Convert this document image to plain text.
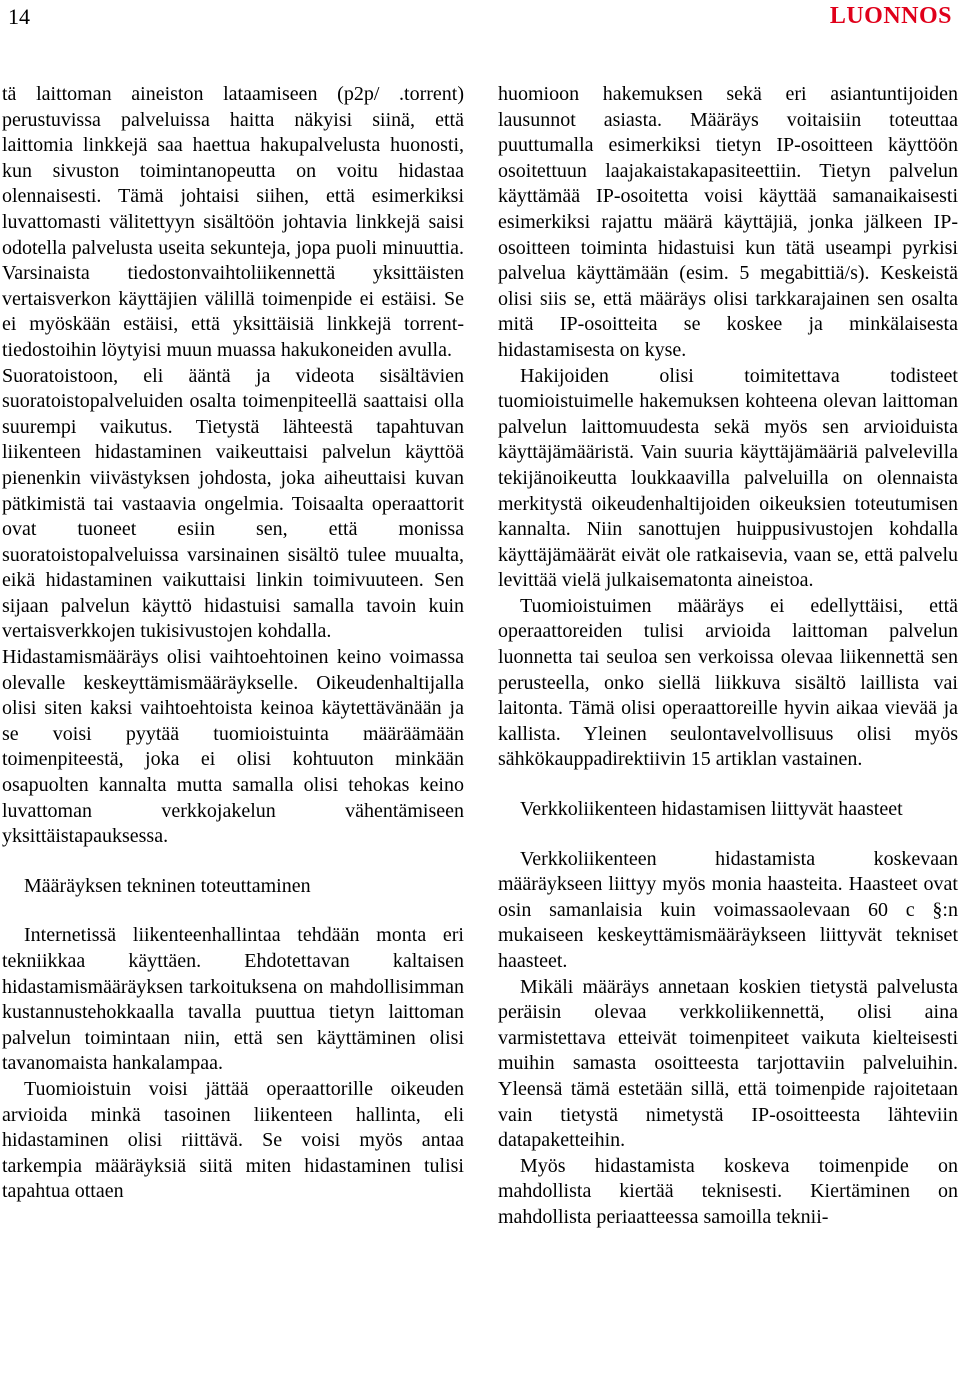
14	LUONNOS

tä laittoman aineiston lataamiseen (p2p/ .torrent) perustuvissa palveluissa haitta näkyisi siinä, että laittomia linkkejä saa haettua hakupalvelusta huonosti, kun sivuston toimintanopeutta on voitu hidastaa olennaisesti. Tämä johtaisi siihen, että esimerkiksi luvattomasti välitettyyn sisältöön johtavia linkkejä saisi odotella palvelusta useita sekunteja, jopa puoli minuuttia. Varsinaista tiedostonvaihtoliikennettä yksittäisten vertaisverkon käyttäjien välillä toimenpide ei estäisi. Se ei myöskään estäisi, että yksittäisiä linkkejä torrent-tiedostoihin löytyisi muun muassa hakukoneiden avulla.

Suoratoistoon, eli ääntä ja videota sisältävien suoratoistopalveluiden osalta toimenpiteellä saattaisi olla suurempi vaikutus. Tietystä lähteestä tapahtuvan liikenteen hidastaminen vaikeuttaisi palvelun käyttöä pienenkin viivästyksen johdosta, joka aiheuttaisi kuvan pätkimistä tai vastaavia ongelmia. Toisaalta operaattorit ovat tuoneet esiin sen, että monissa suoratoistopalveluissa varsinainen sisältö tulee muualta, eikä hidastaminen vaikuttaisi linkin toimivuuteen. Sen sijaan palvelun käyttö hidastuisi samalla tavoin kuin vertaisverkkojen tukisivustojen kohdalla.

Hidastamismääräys olisi vaihtoehtoinen keino voimassa olevalle keskeyttämismääräykselle. Oikeudenhaltijalla olisi siten kaksi vaihtoehtoista keinoa käytettävänään ja se voisi pyytää tuomioistuinta määräämään toimenpiteestä, joka ei olisi kohtuuton minkään osapuolten kannalta mutta samalla olisi tehokas keino luvattoman verkkojakelun vähentämiseen yksittäistapauksessa.

Määräyksen tekninen toteuttaminen

Internetissä liikenteenhallintaa tehdään monta eri tekniikkaa käyttäen. Ehdotettavan kaltaisen hidastamismääräyksen tarkoituksena on mahdollisimman kustannustehokkaalla tavalla puuttua tietyn laittoman palvelun toimintaan niin, että sen käyttäminen olisi tavanomaista hankalampaa.

Tuomioistuin voisi jättää operaattorille oikeuden arvioida minkä tasoinen liikenteen hallinta, eli hidastaminen olisi riittävä. Se voisi myös antaa tarkempia määräyksiä siitä miten hidastaminen tulisi tapahtua ottaen

huomioon hakemuksen sekä eri asiantuntijoiden lausunnot asiasta. Määräys voitaisiin toteuttaa puuttumalla esimerkiksi tietyn IP-osoitteen käyttöön osoitettuun laajakaistakapasiteettiin. Tietyn palvelun käyttämää IP-osoitetta voisi käyttää samanaikaisesti esimerkiksi rajattu määrä käyttäjiä, jonka jälkeen IP-osoitteen toiminta hidastuisi kun tätä useampi pyrkisi palvelua käyttämään (esim. 5 megabittiä/s). Keskeistä olisi siis se, että määräys olisi tarkkarajainen sen osalta mitä IP-osoitteita se koskee ja minkälaisesta hidastamisesta on kyse.

Hakijoiden olisi toimitettava todisteet tuomioistuimelle hakemuksen kohteena olevan laittoman palvelun laittomuudesta sekä myös sen arvioiduista käyttäjämääristä. Vain suuria käyttäjämääriä palvelevilla tekijänoikeutta loukkaavilla palveluilla on olennaista merkitystä oikeudenhaltijoiden oikeuksien toteutumisen kannalta. Niin sanottujen huippusivustojen kohdalla käyttäjämäärät eivät ole ratkaisevia, vaan se, että palvelu levittää vielä julkaisematonta aineistoa.

Tuomioistuimen määräys ei edellyttäisi, että operaattoreiden tulisi arvioida laittoman palvelun luonnetta tai seuloa sen verkoissa olevaa liikennettä sen perusteella, onko siellä liikkuva sisältö laillista vai laitonta. Tämä olisi operaattoreille hyvin aikaa vievää ja kallista. Yleinen seulontavelvollisuus olisi myös sähkökauppadirektiivin 15 artiklan vastainen.

Verkkoliikenteen hidastamisen liittyvät haasteet

Verkkoliikenteen hidastamista koskevaan määräykseen liittyy myös monia haasteita. Haasteet ovat osin samanlaisia kuin voimassaolevaan 60 c §:n mukaiseen keskeyttämismääräykseen liittyvät tekniset haasteet.

Mikäli määräys annetaan koskien tietystä palvelusta peräisin olevaa verkkoliikennettä, olisi aina varmistettava etteivät toimenpiteet vaikuta kielteisesti muihin samasta osoitteesta tarjottaviin palveluihin. Yleensä tämä estetään sillä, että toimenpide rajoitetaan vain tietystä nimetystä IP-osoitteesta lähteviin datapaketteihin.

Myös hidastamista koskeva toimenpide on mahdollista kiertää teknisesti. Kiertäminen on mahdollista periaatteessa samoilla teknii-
